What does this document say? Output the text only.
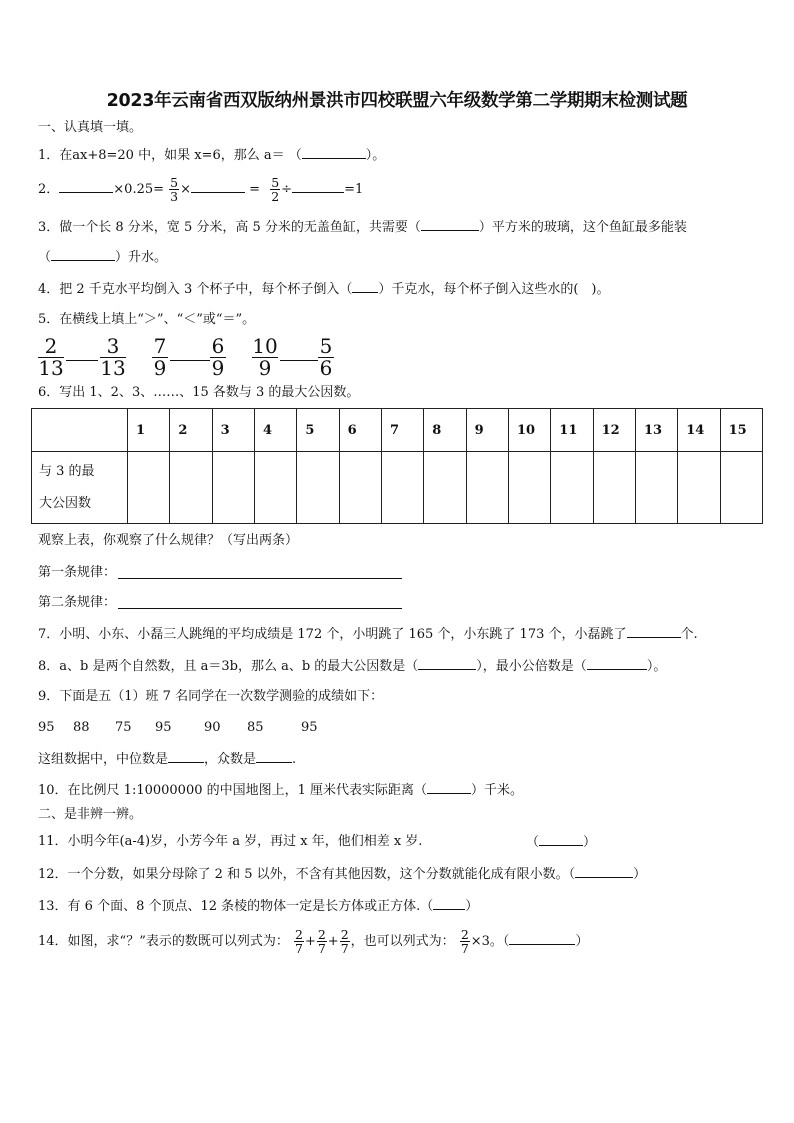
2023年云南省西双版纳州景洪市四校联盟六年级数学第二学期期末检测试题
一、认真填一填。
1．在ax+8=20 中，如果 x=6，那么 a＝ （	）。
2．	$\times 0.25= \frac{5}{3}$ ×	= $\frac{5}{2}$ ÷	=1
3．做一个长 8 分米，宽 5 分米，高 5 分米的无盖鱼缸，共需要（	）平方米的玻璃，这个鱼缸最多能装
（	）升水。
4．把 2 千克水平均倒入 3 个杯子中，每个杯子倒入（ ）千克水，每个杯子倒入这些水的(　)。
5．在横线上填上“＞”、“＜”或“＝”。
$\frac{2}{13} \frac{3}{13} \frac{7}{9} \frac{6}{9} \frac{10}{9} \frac{5}{6}$
6．写出 1、2、3、……、15 各数与 3 的最大公因数。
	1	2	3	4	5	6	7	8	9	10	11	12	13	14	15
与 3 的最
大公因数															
观察上表，你观察了什么规律？（写出两条）
第一条规律：
第二条规律：
7．小明、小东、小磊三人跳绳的平均成绩是 172 个，小明跳了 165 个，小东跳了 173 个，小磊跳了	个.
8．a、b 是两个自然数，且 a＝3b，那么 a、b 的最大公因数是（	），最小公倍数是（	）。
9．下面是五（1）班 7 名同学在一次数学测验的成绩如下：
95 88 75 95 90 85	95
这组数据中，中位数是	，众数是	.
10．在比例尺 1:10000000 的中国地图上，1 厘米代表实际距离（	）千米。
二、是非辨一辨。
11．小明今年(a-4)岁，小芳今年 a 岁，再过 x 年，他们相差 x 岁.	（	）
12．一个分数，如果分母除了 2 和 5 以外，不含有其他因数，这个分数就能化成有限小数。（	）
13．有 6 个面、8 个顶点、12 条棱的物体一定是长方体或正方体.（ ）
14．如图，求“？”表示的数既可以列式为： $\frac{2}{7} + \frac{2}{7} + \frac{2}{7}$ ，也可以列式为： $\frac{2}{7} \times 3$。（	）
